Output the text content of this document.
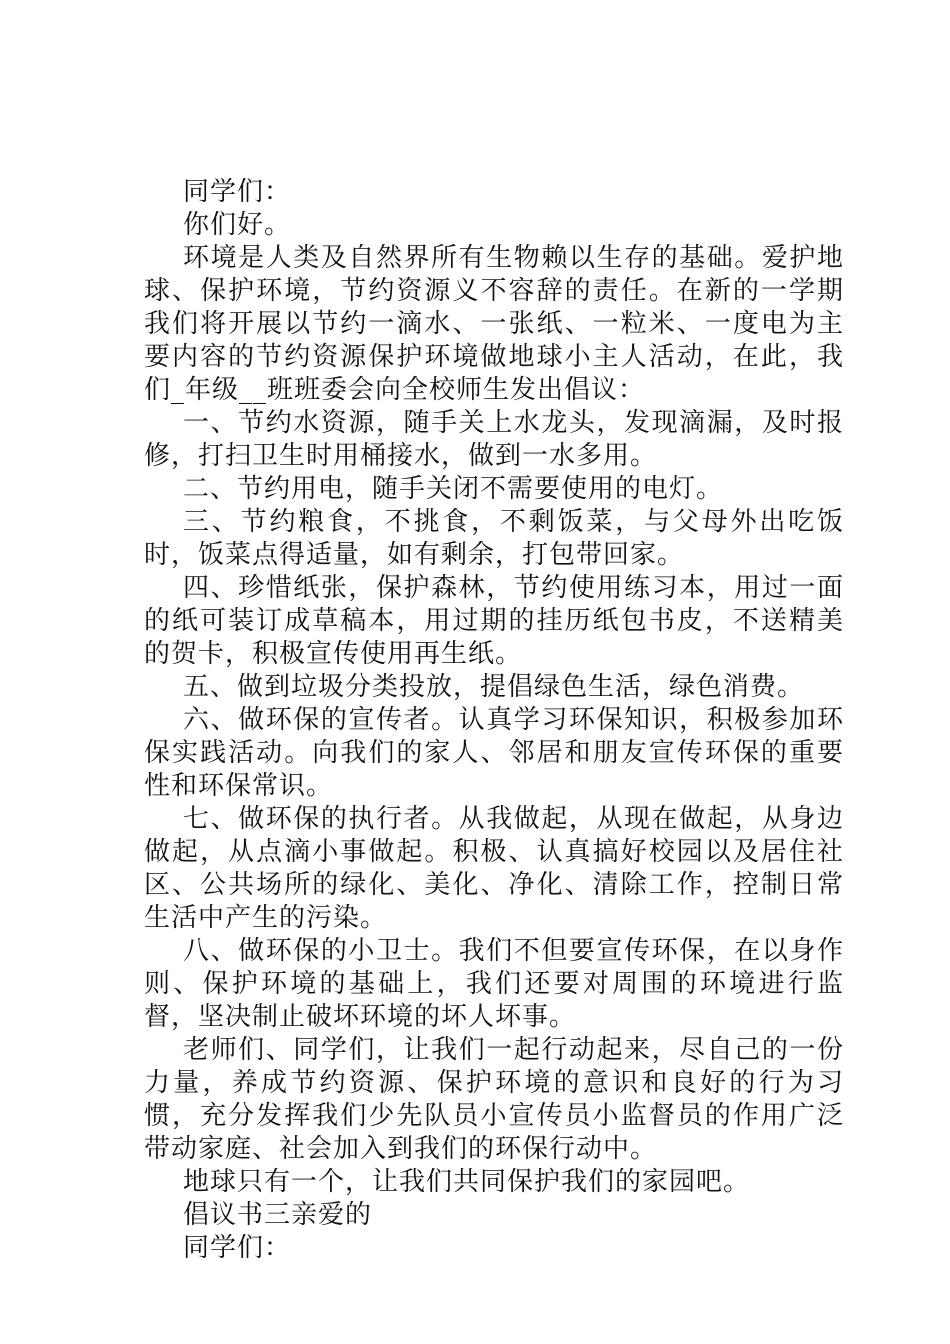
同学们：

你们好。

环境是人类及自然界所有生物赖以生存的基础。爱护地球、保护环境，节约资源义不容辞的责任。在新的一学期我们将开展以节约一滴水、一张纸、一粒米、一度电为主要内容的节约资源保护环境做地球小主人活动，在此，我们_年级__班班委会向全校师生发出倡议：

一、节约水资源，随手关上水龙头，发现滴漏，及时报修，打扫卫生时用桶接水，做到一水多用。

二、节约用电，随手关闭不需要使用的电灯。

三、节约粮食，不挑食，不剩饭菜，与父母外出吃饭时，饭菜点得适量，如有剩余，打包带回家。

四、珍惜纸张，保护森林，节约使用练习本，用过一面的纸可装订成草稿本，用过期的挂历纸包书皮，不送精美的贺卡，积极宣传使用再生纸。

五、做到垃圾分类投放，提倡绿色生活，绿色消费。

六、做环保的宣传者。认真学习环保知识，积极参加环保实践活动。向我们的家人、邻居和朋友宣传环保的重要性和环保常识。

七、做环保的执行者。从我做起，从现在做起，从身边做起，从点滴小事做起。积极、认真搞好校园以及居住社区、公共场所的绿化、美化、净化、清除工作，控制日常生活中产生的污染。

八、做环保的小卫士。我们不但要宣传环保，在以身作则、保护环境的基础上，我们还要对周围的环境进行监督，坚决制止破坏环境的坏人坏事。

老师们、同学们，让我们一起行动起来，尽自己的一份力量，养成节约资源、保护环境的意识和良好的行为习惯，充分发挥我们少先队员小宣传员小监督员的作用广泛带动家庭、社会加入到我们的环保行动中。

地球只有一个，让我们共同保护我们的家园吧。

倡议书三亲爱的

同学们：
